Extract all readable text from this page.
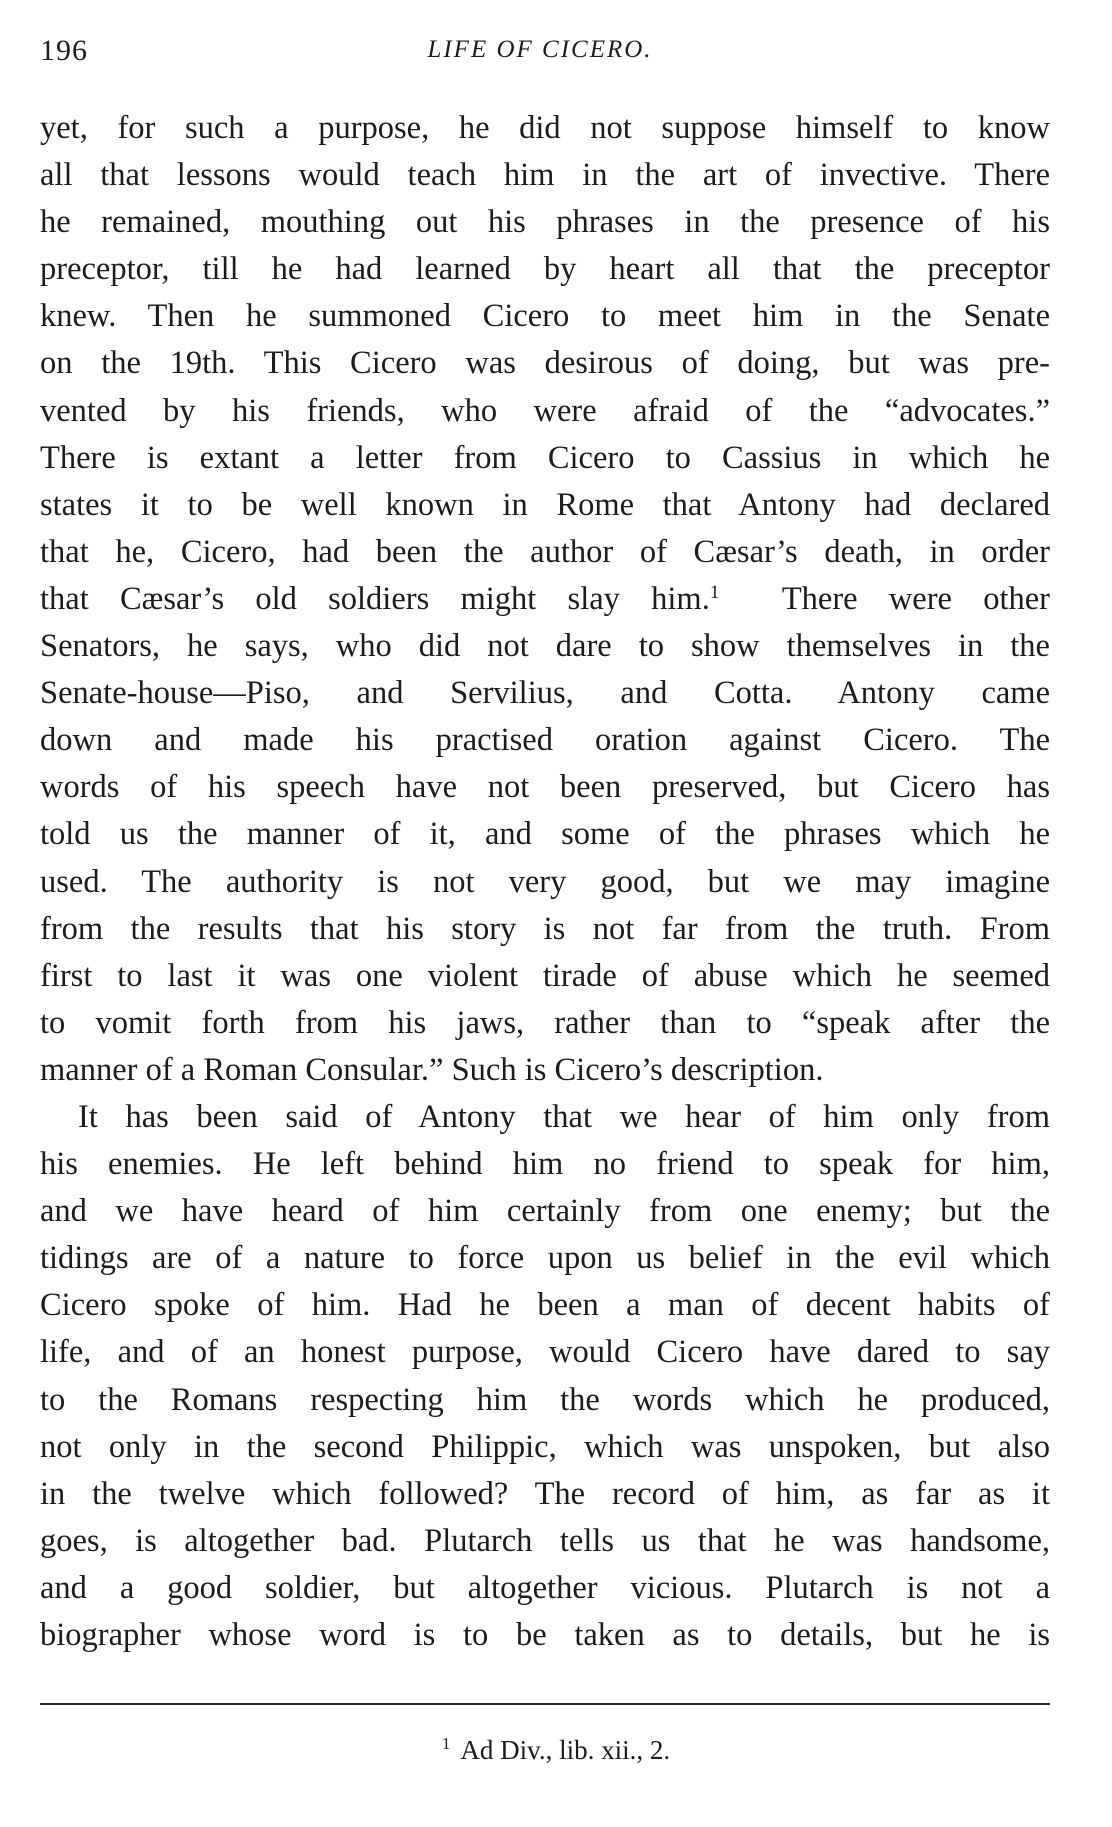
196	LIFE OF CICERO.
yet, for such a purpose, he did not suppose himself to know
all that lessons would teach him in the art of invective. There
he remained, mouthing out his phrases in the presence of his
preceptor, till he had learned by heart all that the preceptor
knew. Then he summoned Cicero to meet him in the Senate
on the 19th. This Cicero was desirous of doing, but was pre-
vented by his friends, who were afraid of the “advocates.”
There is extant a letter from Cicero to Cassius in which he
states it to be well known in Rome that Antony had declared
that he, Cicero, had been the author of Cæsar’s death, in order
that Cæsar’s old soldiers might slay him.$^1$ There were other
Senators, he says, who did not dare to show themselves in the
Senate-house—Piso, and Servilius, and Cotta. Antony came
down and made his practised oration against Cicero. The
words of his speech have not been preserved, but Cicero has
told us the manner of it, and some of the phrases which he
used. The authority is not very good, but we may imagine
from the results that his story is not far from the truth. From
first to last it was one violent tirade of abuse which he seemed
to vomit forth from his jaws, rather than to “speak after the
manner of a Roman Consular.” Such is Cicero’s description.
It has been said of Antony that we hear of him only from
his enemies. He left behind him no friend to speak for him,
and we have heard of him certainly from one enemy; but the
tidings are of a nature to force upon us belief in the evil which
Cicero spoke of him. Had he been a man of decent habits of
life, and of an honest purpose, would Cicero have dared to say
to the Romans respecting him the words which he produced,
not only in the second Philippic, which was unspoken, but also
in the twelve which followed? The record of him, as far as it
goes, is altogether bad. Plutarch tells us that he was handsome,
and a good soldier, but altogether vicious. Plutarch is not a
biographer whose word is to be taken as to details, but he is
$^1$ Ad Div., lib. xii., 2.
